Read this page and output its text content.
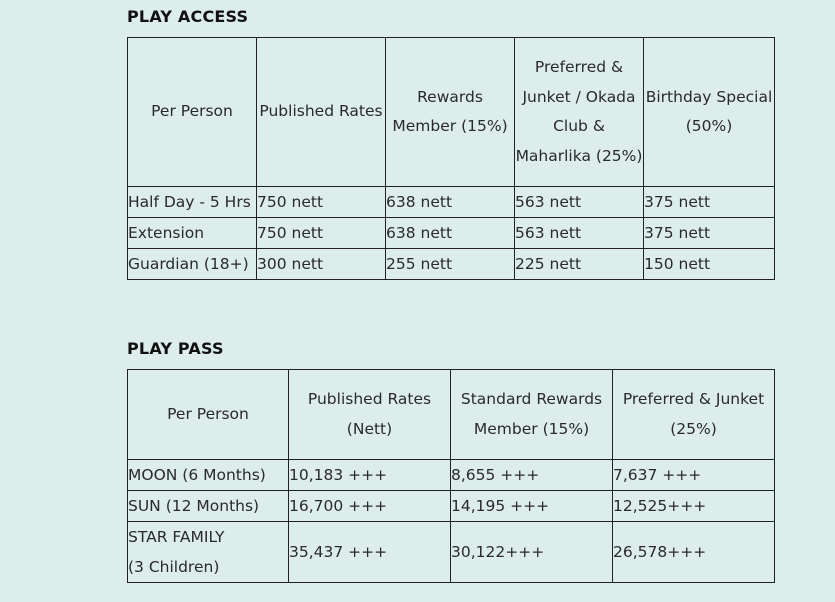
PLAY ACCESS
Per Person	Published Rates	Rewards Member (15%)	Preferred & Junket / Okada Club & Maharlika (25%)	Birthday Special (50%)
Half Day - 5 Hrs	750 nett	638 nett	563 nett	375 nett
Extension	750 nett	638 nett	563 nett	375 nett
Guardian (18+)	300 nett	255 nett	225 nett	150 nett
PLAY PASS
Per Person	Published Rates (Nett)	Standard Rewards Member (15%)	Preferred & Junket (25%)
MOON (6 Months)	10,183 +++	8,655 +++	7,637 +++
SUN (12 Months)	16,700 +++	14,195 +++	12,525+++

STAR FAMILY
(3 Children)	35,437 +++	30,122+++	26,578+++
